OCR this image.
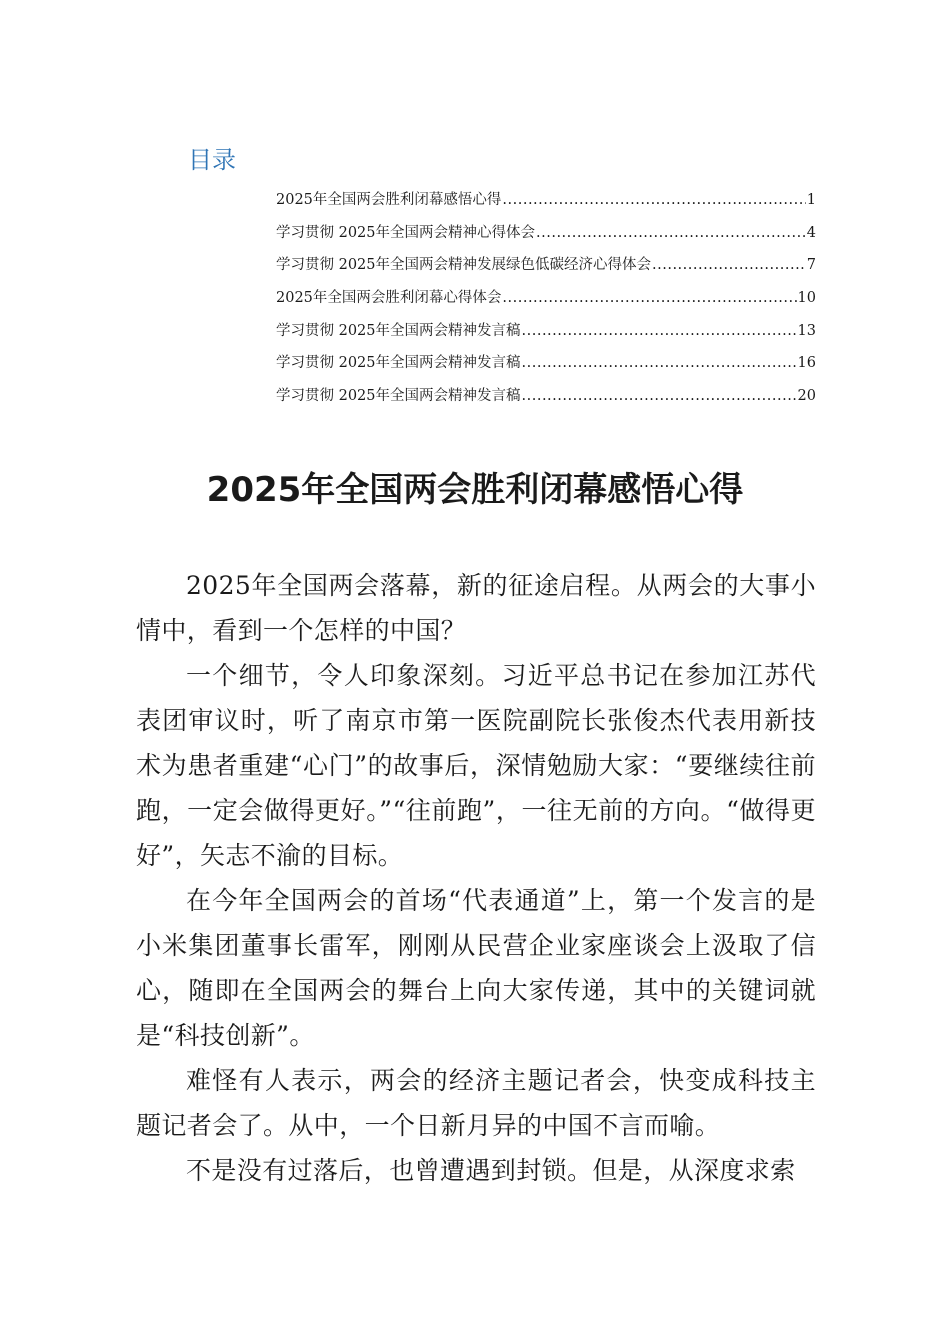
目录
2025年全国两会胜利闭幕感悟心得 .....	1
学习贯彻 2025年全国两会精神心得体会 .....	4
学习贯彻 2025年全国两会精神发展绿色低碳经济心得体会 .....	7
2025年全国两会胜利闭幕心得体会 .....	10
学习贯彻 2025年全国两会精神发言稿 .....	13
学习贯彻 2025年全国两会精神发言稿 .....	16
学习贯彻 2025年全国两会精神发言稿 .....	20
2025年全国两会胜利闭幕感悟心得

2025年全国两会落幕，新的征途启程。从两会的大事小情中，看到一个怎样的中国？

一个细节，令人印象深刻。习近平总书记在参加江苏代表团审议时，听了南京市第一医院副院长张俊杰代表用新技术为患者重建“心门”的故事后，深情勉励大家：“要继续往前跑，一定会做得更好。”“往前跑”，一往无前的方向。“做得更好”，矢志不渝的目标。

在今年全国两会的首场“代表通道”上，第一个发言的是小米集团董事长雷军，刚刚从民营企业家座谈会上汲取了信心，随即在全国两会的舞台上向大家传递，其中的关键词就是“科技创新”。

难怪有人表示，两会的经济主题记者会，快变成科技主题记者会了。从中，一个日新月异的中国不言而喻。

不是没有过落后，也曾遭遇到封锁。但是，从深度求索
